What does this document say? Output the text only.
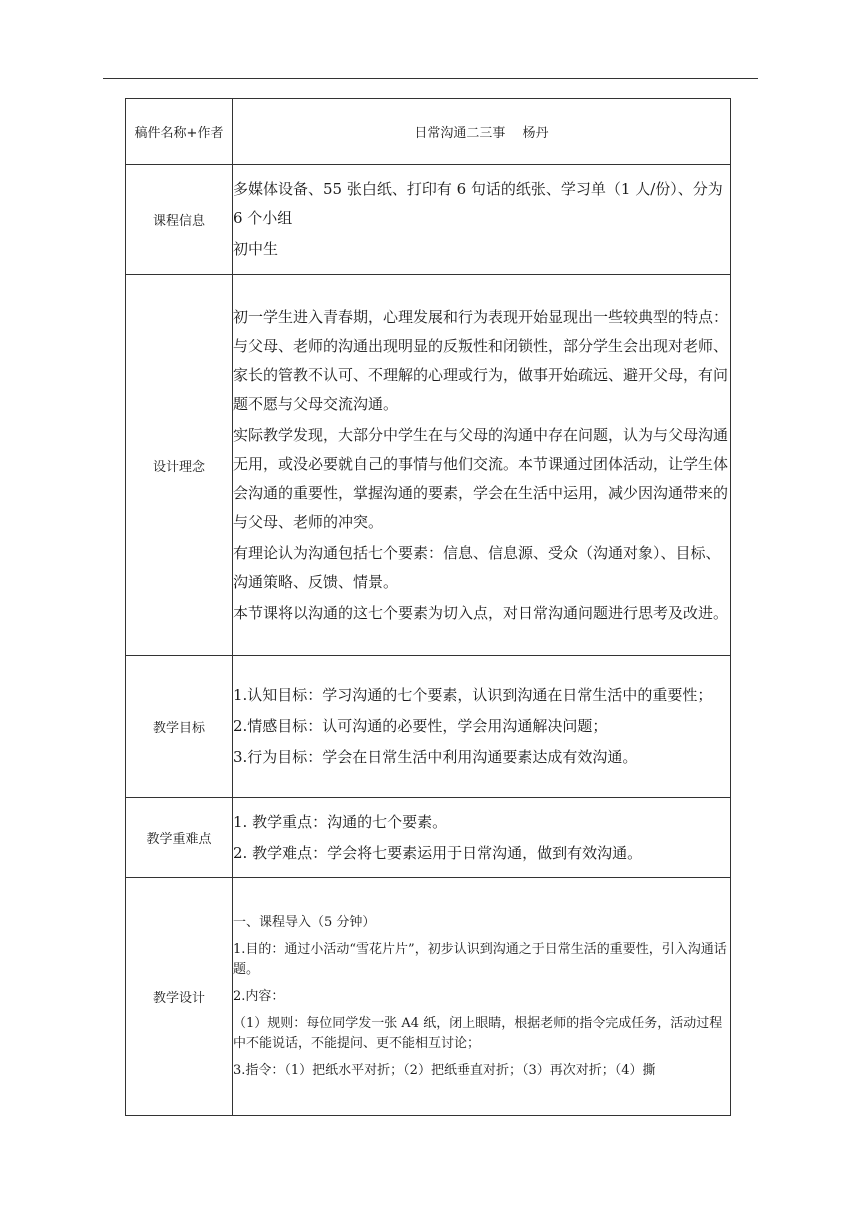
稿件名称+作者	日常沟通二三事　 杨丹
课程信息	多媒体设备、55 张白纸、打印有 6 句话的纸张、学习单（1 人/份）、分为 6 个小组

初中生

设计理念	初一学生进入青春期，心理发展和行为表现开始显现出一些较典型的特点：与父母、老师的沟通出现明显的反叛性和闭锁性，部分学生会出现对老师、家长的管教不认可、不理解的心理或行为，做事开始疏远、避开父母，有问题不愿与父母交流沟通。

实际教学发现，大部分中学生在与父母的沟通中存在问题，认为与父母沟通无用，或没必要就自己的事情与他们交流。本节课通过团体活动，让学生体会沟通的重要性，掌握沟通的要素，学会在生活中运用，减少因沟通带来的与父母、老师的冲突。

有理论认为沟通包括七个要素：信息、信息源、受众（沟通对象）、目标、沟通策略、反馈、情景。

本节课将以沟通的这七个要素为切入点，对日常沟通问题进行思考及改进。

教学目标	1.认知目标：学习沟通的七个要素，认识到沟通在日常生活中的重要性；

2.情感目标：认可沟通的必要性，学会用沟通解决问题；

3.行为目标：学会在日常生活中利用沟通要素达成有效沟通。

教学重难点	1. 教学重点：沟通的七个要素。

2. 教学难点：学会将七要素运用于日常沟通，做到有效沟通。

教学设计	一、课程导入（5 分钟）

1.目的：通过小活动“雪花片片”，初步认识到沟通之于日常生活的重要性，引入沟通话题。

2.内容：

（1）规则：每位同学发一张 A4 纸，闭上眼睛，根据老师的指令完成任务，活动过程中不能说话，不能提问、更不能相互讨论；

3.指令：（1）把纸水平对折；（2）把纸垂直对折；（3）再次对折；（4）撕
